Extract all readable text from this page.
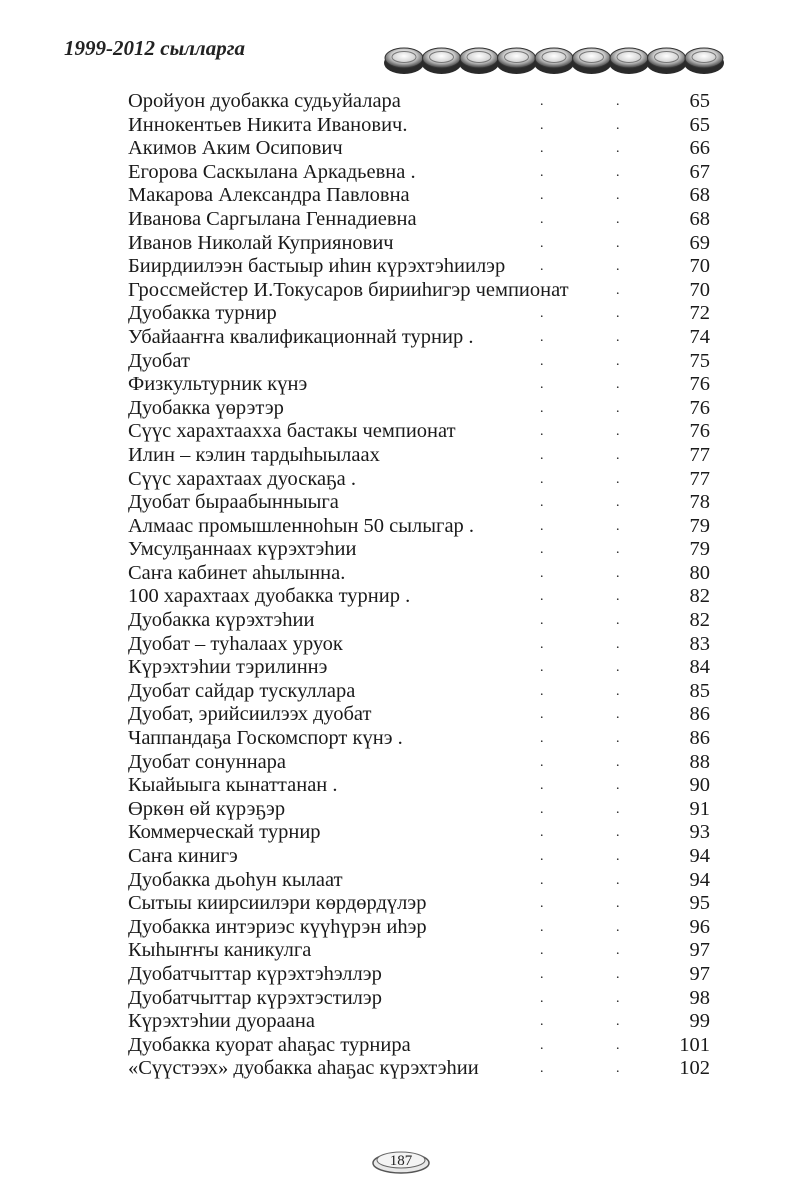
1999-2012 сылларга
Оройуон дуобакка судьуйалара	.	.	65
Иннокентьев Никита Иванович.	.	.	65
Акимов Аким Осипович	.	.	66
Егорова Саскылана Аркадьевна .	.	.	67
Макарова Александра Павловна	.	.	68
Иванова Саргылана Геннадиевна	.	.	68
Иванов Николай Куприянович	.	.	69
Биирдиилээн бастыыр иһин күрэхтэһиилэр .	.	70
Гроссмейстер И.Токусаров бирииһигэр чемпионат	.	70
Дуобакка турнир	.	.	72
Убайааҥҥа квалификационнай турнир .	.	.	74
Дуобат	.	.	75
Физкультурник күнэ	.	.	76
Дуобакка үөрэтэр	.	.	76
Сүүс харахтааххa бастакы чемпионат	.	.	76
Илин – кэлин тардыһыылаах	.	.	77
Сүүс харахтаах дуоскаҕа .	.	.	77
Дуобат быраабынныыга	.	.	78
Алмаас промышленноһын 50 сылыгар .	.	.	79
Умсулҕаннаах күрэхтэһии	.	.	79
Саҥа кабинет аһылынна.	.	.	80
100 харахтаах дуобакка турнир .	.	.	82
Дуобакка күрэхтэһии	.	.	82
Дуобат – туһалаах уруок	.	.	83
Күрэхтэһии тэрилиннэ	.	.	84
Дуобат сайдар тускуллара	.	.	85
Дуобат, эрийсиилээх дуобат	.	.	86
Чаппандаҕа Госкомспорт күнэ .	.	.	86
Дуобат сонуннара	.	.	88
Кыайыыга кынаттанан .	.	.	90
Өркөн өй күрэҕэр	.	.	91
Коммерческай турнир	.	.	93
Саҥа кинигэ	.	.	94
Дуобакка дьоһун кылаат	.	.	94
Сытыы киирсиилэри көрдөрдүлэр	.	.	95
Дуобакка интэриэс күүһүрэн иһэр	.	.	96
Кыһыҥҥы каникулга	.	.	97
Дуобатчыттар күрэхтэһэллэр	.	.	97
Дуобатчыттар күрэхтэстилэр	.	.	98
Күрэхтэһии дуораана	.	.	99
Дуобакка куорат аһаҕас турнира	.	.	101
«Сүүстээх» дуобакка аһаҕас күрэхтэһии	.	.	102
187
